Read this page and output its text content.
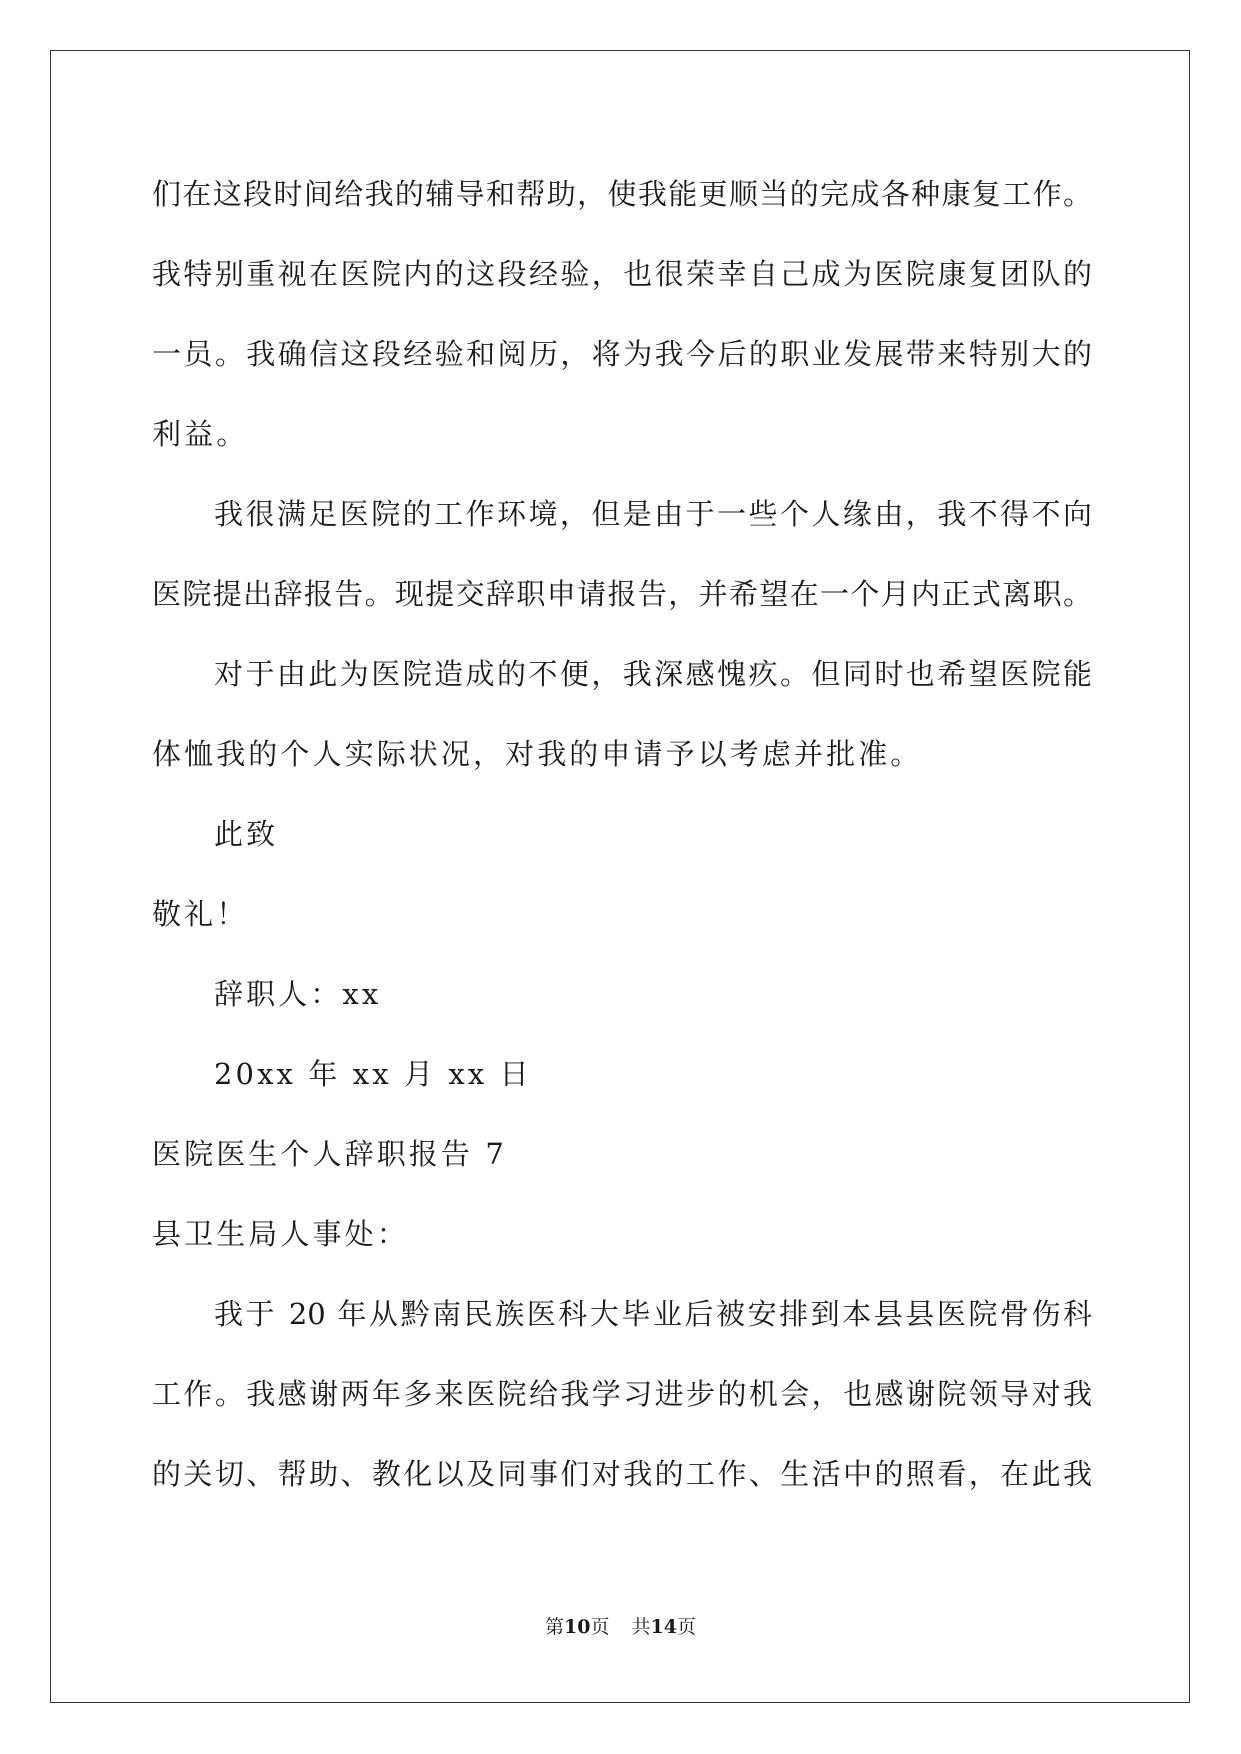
们在这段时间给我的辅导和帮助，使我能更顺当的完成各种康复工作。
我特别重视在医院内的这段经验，也很荣幸自己成为医院康复团队的
一员。我确信这段经验和阅历，将为我今后的职业发展带来特别大的
利益。
我很满足医院的工作环境，但是由于一些个人缘由，我不得不向
医院提出辞报告。现提交辞职申请报告，并希望在一个月内正式离职。
对于由此为医院造成的不便，我深感愧疚。但同时也希望医院能
体恤我的个人实际状况，对我的申请予以考虑并批准。
此致
敬礼！
辞职人：xx
20xx 年 xx 月 xx 日
医院医生个人辞职报告 7
县卫生局人事处：
我于 20 年从黔南民族医科大毕业后被安排到本县县医院骨伤科
工作。我感谢两年多来医院给我学习进步的机会，也感谢院领导对我
的关切、帮助、教化以及同事们对我的工作、生活中的照看，在此我
第10页 共14页
